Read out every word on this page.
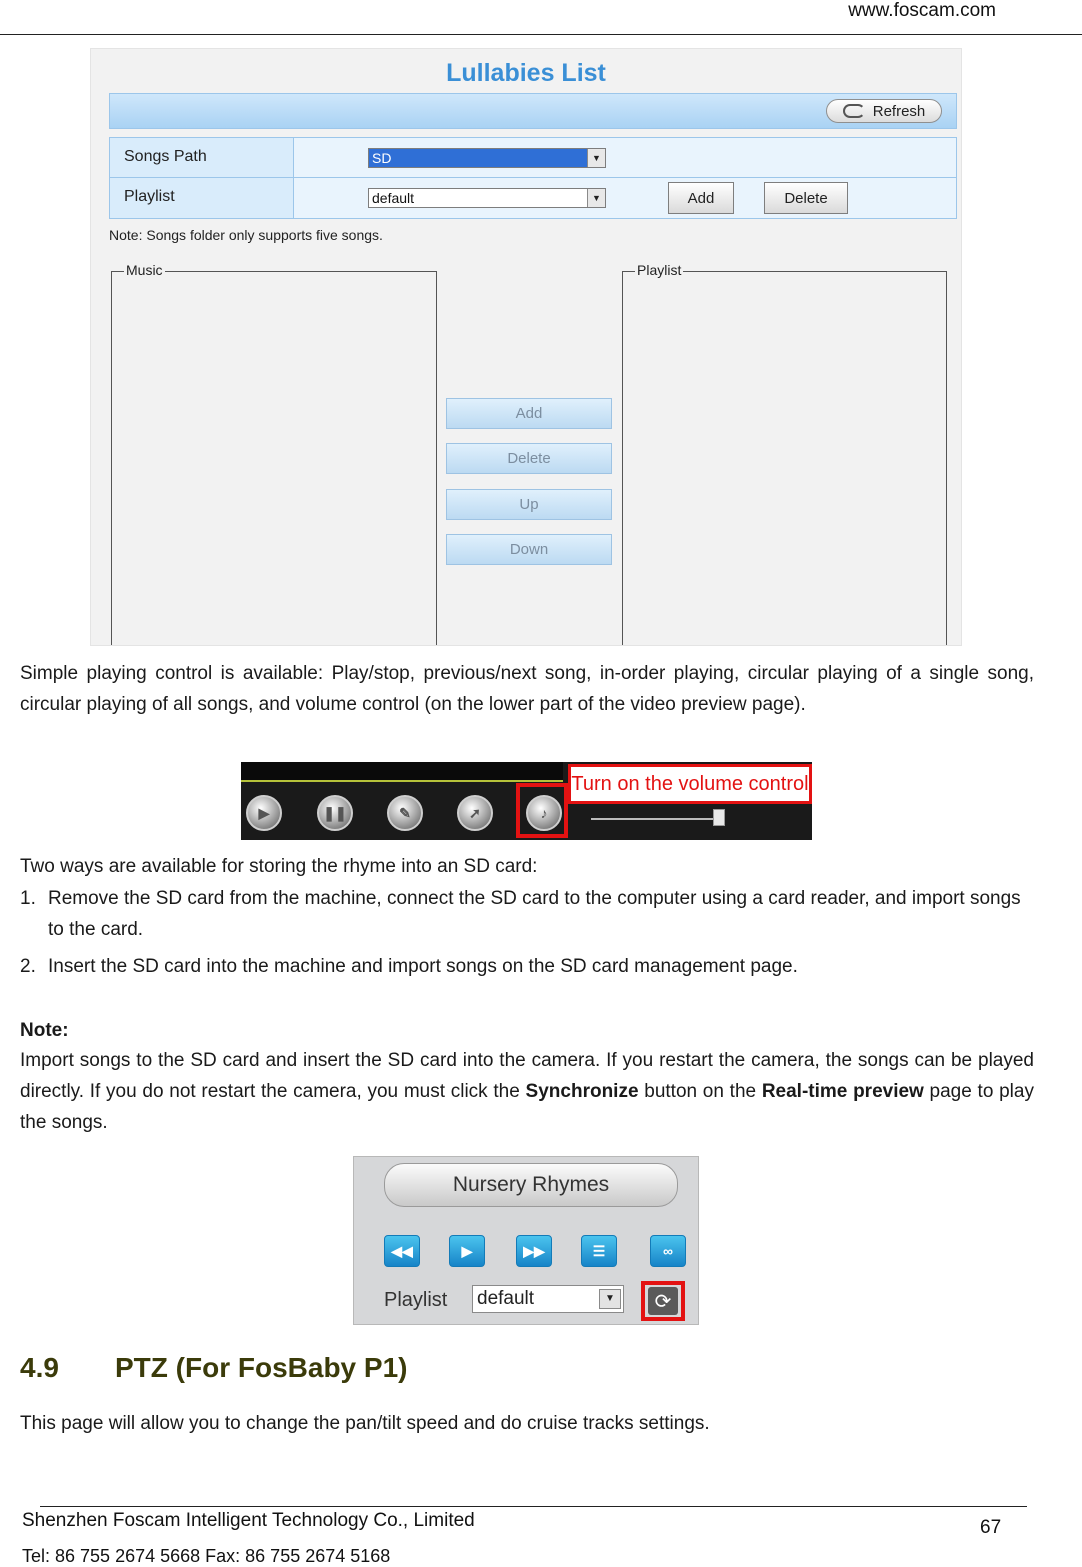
www.foscam.com
Lullabies List
Refresh
Songs Path	SD	▼
Playlist	default	▼	Add	Delete
Note: Songs folder only supports five songs.
Music	Playlist
Add
Delete
Up
Down

Simple playing control is available: Play/stop, previous/next song, in-order playing, circular playing of a single song, circular playing of all songs, and volume control (on the lower part of the video preview page).

▶	❚❚	✎	➚	♪
Turn on the volume control

Two ways are available for storing the rhyme into an SD card:

1. Remove the SD card from the machine, connect the SD card to the computer using a card reader, and import songs to the card.
2. Insert the SD card into the machine and import songs on the SD card management page.

Note:

Import songs to the SD card and insert the SD card into the camera. If you restart the camera, the songs can be played directly. If you do not restart the camera, you must click the Synchronize button on the Real-time preview page to play the songs.

Nursery Rhymes
◀◀	▶	▶▶	☰	∞
Playlist default	▼	⟳
4.9 PTZ (For FosBaby P1)

This page will allow you to change the pan/tilt speed and do cruise tracks settings.

Shenzhen Foscam Intelligent Technology Co., Limited
Tel: 86 755 2674 5668 Fax: 86 755 2674 5168
67
